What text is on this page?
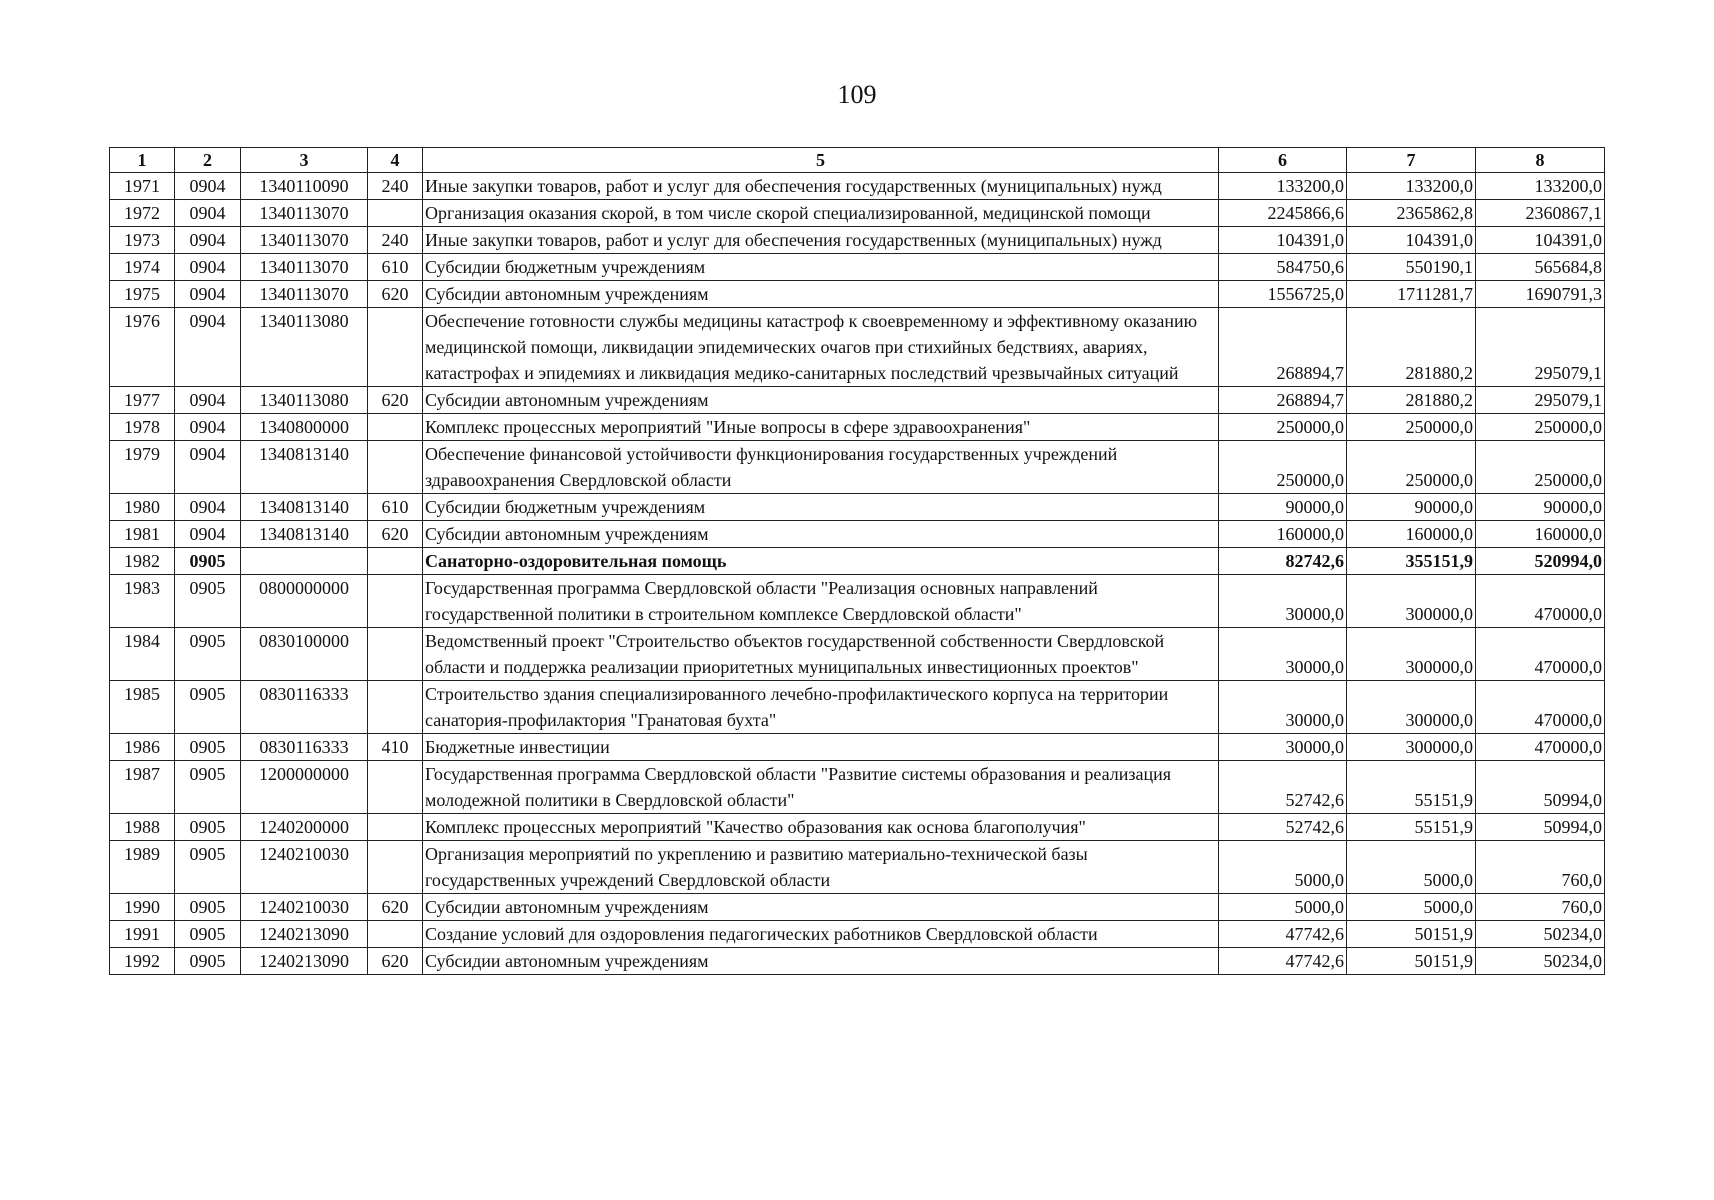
109
1	2	3	4	5	6	7	8
1971	0904	1340110090	240	Иные закупки товаров, работ и услуг для обеспечения государственных (муниципальных) нужд	133200,0	133200,0	133200,0
1972	0904	1340113070		Организация оказания скорой, в том числе скорой специализированной, медицинской помощи	2245866,6	2365862,8	2360867,1
1973	0904	1340113070	240	Иные закупки товаров, работ и услуг для обеспечения государственных (муниципальных) нужд	104391,0	104391,0	104391,0
1974	0904	1340113070	610	Субсидии бюджетным учреждениям	584750,6	550190,1	565684,8
1975	0904	1340113070	620	Субсидии автономным учреждениям	1556725,0	1711281,7	1690791,3
1976	0904	1340113080		Обеспечение готовности службы медицины катастроф к своевременному и эффективному оказанию медицинской помощи, ликвидации эпидемических очагов при стихийных бедствиях, авариях, катастрофах и эпидемиях и ликвидация медико-санитарных последствий чрезвычайных ситуаций	268894,7	281880,2	295079,1
1977	0904	1340113080	620	Субсидии автономным учреждениям	268894,7	281880,2	295079,1
1978	0904	1340800000		Комплекс процессных мероприятий "Иные вопросы в сфере здравоохранения"	250000,0	250000,0	250000,0
1979	0904	1340813140		Обеспечение финансовой устойчивости функционирования государственных учреждений здравоохранения Свердловской области	250000,0	250000,0	250000,0
1980	0904	1340813140	610	Субсидии бюджетным учреждениям	90000,0	90000,0	90000,0
1981	0904	1340813140	620	Субсидии автономным учреждениям	160000,0	160000,0	160000,0
1982	0905			Санаторно-оздоровительная помощь	82742,6	355151,9	520994,0
1983	0905	0800000000		Государственная программа Свердловской области "Реализация основных направлений государственной политики в строительном комплексе Свердловской области"	30000,0	300000,0	470000,0
1984	0905	0830100000		Ведомственный проект "Строительство объектов государственной собственности Свердловской области и поддержка реализации приоритетных муниципальных инвестиционных проектов"	30000,0	300000,0	470000,0
1985	0905	0830116333		Строительство здания специализированного лечебно-профилактического корпуса на территории санатория-профилактория "Гранатовая бухта"	30000,0	300000,0	470000,0
1986	0905	0830116333	410	Бюджетные инвестиции	30000,0	300000,0	470000,0
1987	0905	1200000000		Государственная программа Свердловской области "Развитие системы образования и реализация молодежной политики в Свердловской области"	52742,6	55151,9	50994,0
1988	0905	1240200000		Комплекс процессных мероприятий "Качество образования как основа благополучия"	52742,6	55151,9	50994,0
1989	0905	1240210030		Организация мероприятий по укреплению и развитию материально-технической базы государственных учреждений Свердловской области	5000,0	5000,0	760,0
1990	0905	1240210030	620	Субсидии автономным учреждениям	5000,0	5000,0	760,0
1991	0905	1240213090		Создание условий для оздоровления педагогических работников Свердловской области	47742,6	50151,9	50234,0
1992	0905	1240213090	620	Субсидии автономным учреждениям	47742,6	50151,9	50234,0
